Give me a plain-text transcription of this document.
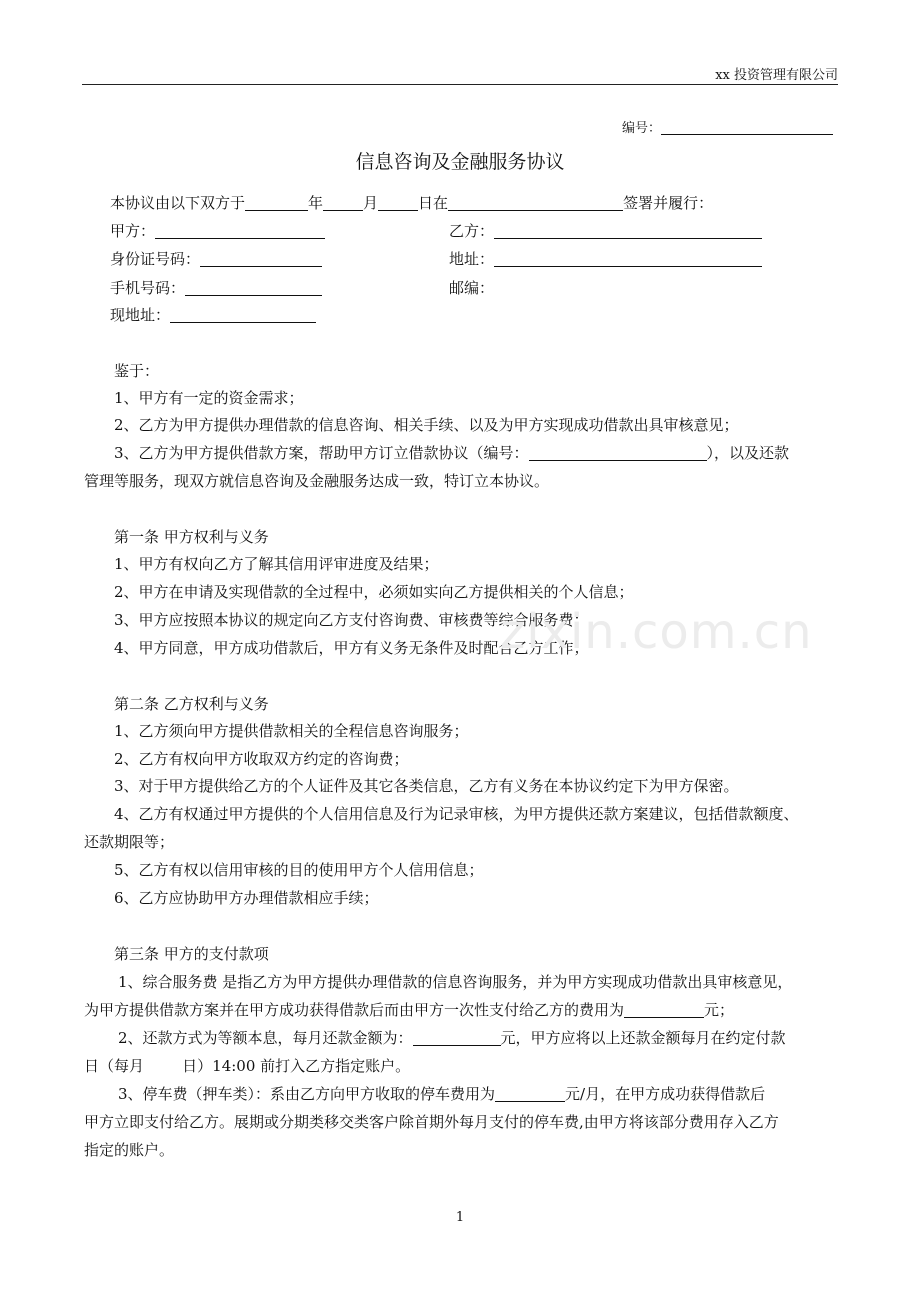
xx 投资管理有限公司
编号：
信息咨询及金融服务协议
本协议由以下双方于	年	月	日在	签署并履行：
甲方：	乙方：
身份证号码：	地址：
手机号码：	邮编：
现地址：
鉴于：
1、甲方有一定的资金需求；
2、乙方为甲方提供办理借款的信息咨询、相关手续、以及为甲方实现成功借款出具审核意见；
3、乙方为甲方提供借款方案，帮助甲方订立借款协议（编号：	），以及还款
管理等服务，现双方就信息咨询及金融服务达成一致，特订立本协议。
第一条 甲方权利与义务
1、甲方有权向乙方了解其信用评审进度及结果；
2、甲方在申请及实现借款的全过程中，必须如实向乙方提供相关的个人信息；
3、甲方应按照本协议的规定向乙方支付咨询费、审核费等综合服务费；
4、甲方同意，甲方成功借款后，甲方有义务无条件及时配合乙方工作；
第二条 乙方权利与义务
1、乙方须向甲方提供借款相关的全程信息咨询服务；
2、乙方有权向甲方收取双方约定的咨询费；
3、对于甲方提供给乙方的个人证件及其它各类信息，乙方有义务在本协议约定下为甲方保密。
4、乙方有权通过甲方提供的个人信用信息及行为记录审核，为甲方提供还款方案建议，包括借款额度、
还款期限等；
5、乙方有权以信用审核的目的使用甲方个人信用信息；
6、乙方应协助甲方办理借款相应手续；
第三条 甲方的支付款项
1、综合服务费 是指乙方为甲方提供办理借款的信息咨询服务，并为甲方实现成功借款出具审核意见，
为甲方提供借款方案并在甲方成功获得借款后而由甲方一次性支付给乙方的费用为	元；
2、还款方式为等额本息，每月还款金额为：	元，甲方应将以上还款金额每月在约定付款
日（每月        日）14:00 前打入乙方指定账户。
3、停车费（押车类）：系由乙方向甲方收取的停车费用为	元/月，在甲方成功获得借款后
甲方立即支付给乙方。展期或分期类移交类客户除首期外每月支付的停车费,由甲方将该部分费用存入乙方
指定的账户。
zixin.com.cn
1
